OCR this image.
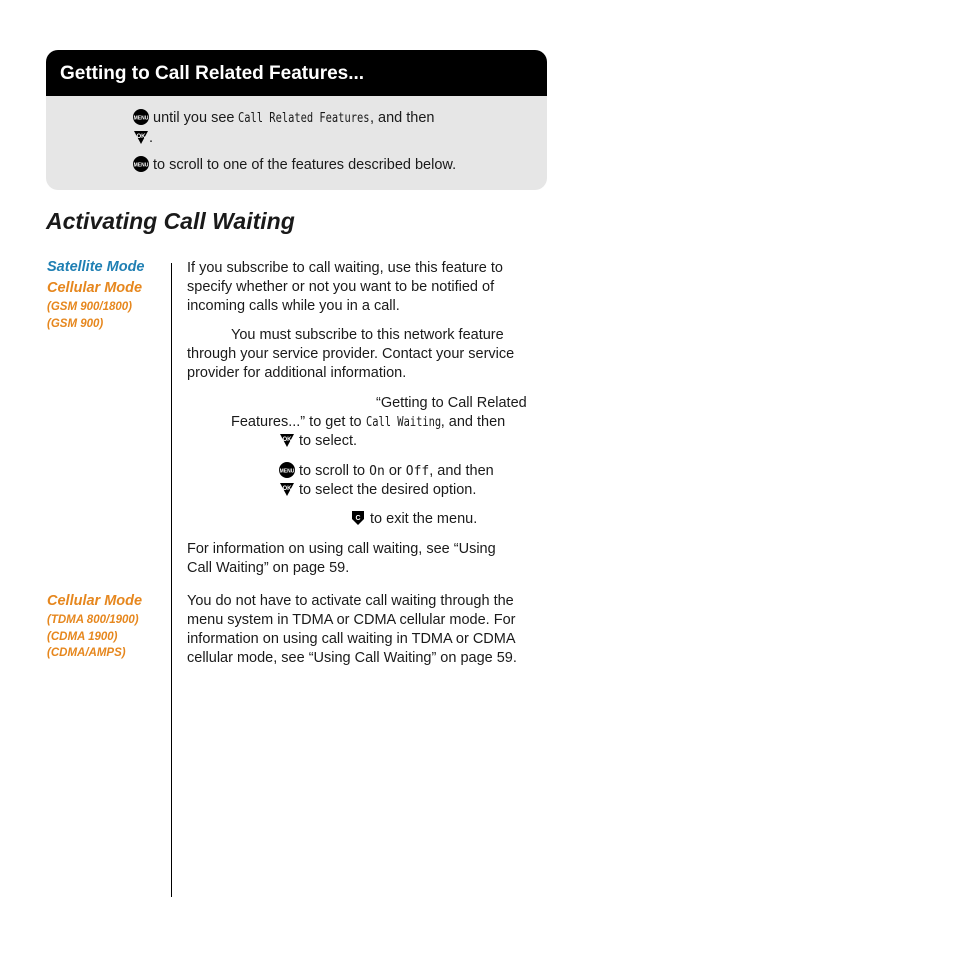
Getting to Call Related Features...
MENU until you see Call Related Features, and then
OK .
MENU to scroll to one of the features described below.
Activating Call Waiting
Satellite Mode
Cellular Mode
(GSM 900/1800)
(GSM 900)
Cellular Mode
(TDMA 800/1900)
(CDMA 1900)
(CDMA/AMPS)
If you subscribe to call waiting, use this feature to specify whether or not you want to be notified of incoming calls while you in a call.
You must subscribe to this network feature
through your service provider. Contact your service
provider for additional information.
“Getting to Call Related
Features...” to get to Call Waiting, and then
OK to select.
MENU to scroll to On or Off, and then
OK to select the desired option.
C to exit the menu.
For information on using call waiting, see “Using
Call Waiting” on page 59.
You do not have to activate call waiting through the
menu system in TDMA or CDMA cellular mode. For
information on using call waiting in TDMA or CDMA
cellular mode, see “Using Call Waiting” on page 59.
